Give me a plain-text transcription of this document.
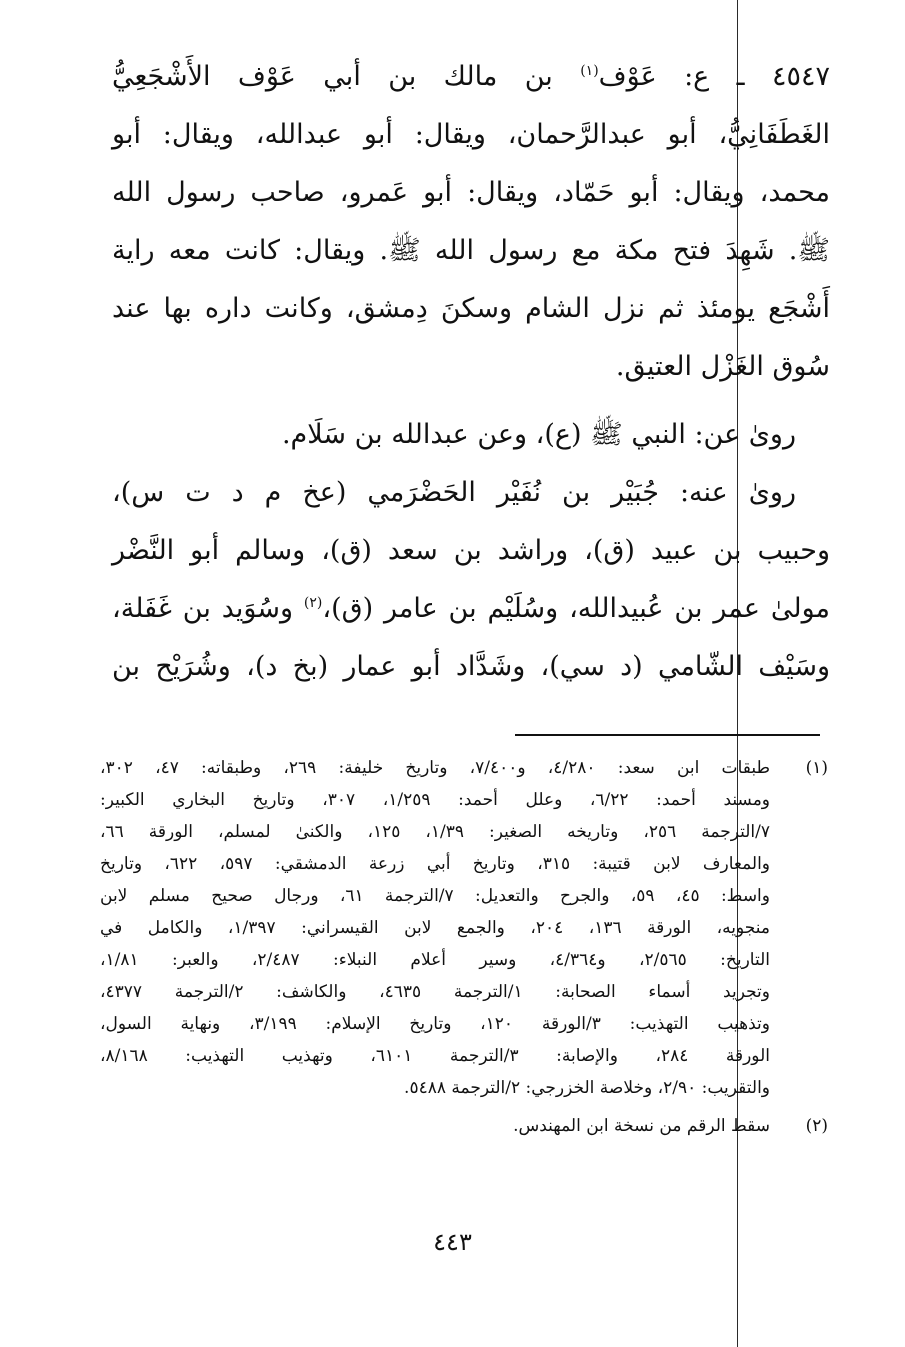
٤٥٤٧ ـ ع: عَوْف$^{(١)}$ بن مالك بن أبي عَوْف الأَشْجَعِيُّ
الغَطَفَانِيُّ، أبو عبدالرَّحمان، ويقال: أبو عبدالله، ويقال: أبو
محمد، ويقال: أبو حَمّاد، ويقال: أبو عَمرو، صاحب رسول الله
ﷺ. شَهِدَ فتح مكة مع رسول الله ﷺ. ويقال: كانت معه راية
أَشْجَع يومئذ ثم نزل الشام وسكنَ دِمشق، وكانت داره بها عند
سُوق الغَزْل العتيق.
روىٰ عن: النبي ﷺ (ع)، وعن عبدالله بن سَلَام.
روىٰ عنه: جُبَيْر بن نُفَيْر الحَضْرَمي (عخ م د ت س)،
وحبيب بن عبيد (ق)، وراشد بن سعد (ق)، وسالم أبو النَّضْر
مولىٰ عمر بن عُبيدالله، وسُلَيْم بن عامر (ق)،$^{(٢)}$ وسُوَيد بن غَفَلة،
وسَيْف الشّامي (د سي)، وشَدَّاد أبو عمار (بخ د)، وشُرَيْح بن
(١)
طبقات ابن سعد: ٤/٢٨٠، و٧/٤٠٠، وتاريخ خليفة: ٢٦٩، وطبقاته: ٤٧، ٣٠٢،
ومسند أحمد: ٦/٢٢، وعلل أحمد: ١/٢٥٩، ٣٠٧، وتاريخ البخاري الكبير:
٧/الترجمة ٢٥٦، وتاريخه الصغير: ١/٣٩، ١٢٥، والكنىٰ لمسلم، الورقة ٦٦،
والمعارف لابن قتيبة: ٣١٥، وتاريخ أبي زرعة الدمشقي: ٥٩٧، ٦٢٢، وتاريخ
واسط: ٤٥، ٥٩، والجرح والتعديل: ٧/الترجمة ٦١، ورجال صحيح مسلم لابن
منجويه، الورقة ١٣٦، ٢٠٤، والجمع لابن القيسراني: ١/٣٩٧، والكامل في
التاريخ: ٢/٥٦٥، و٤/٣٦٤، وسير أعلام النبلاء: ٢/٤٨٧، والعبر: ١/٨١،
وتجريد أسماء الصحابة: ١/الترجمة ٤٦٣٥، والكاشف: ٢/الترجمة ٤٣٧٧،
وتذهيب التهذيب: ٣/الورقة ١٢٠، وتاريخ الإسلام: ٣/١٩٩، ونهاية السول،
الورقة ٢٨٤، والإصابة: ٣/الترجمة ٦١٠١، وتهذيب التهذيب: ٨/١٦٨،
والتقريب: ٢/٩٠، وخلاصة الخزرجي: ٢/الترجمة ٥٤٨٨.
(٢)
سقط الرقم من نسخة ابن المهندس.
٤٤٣
